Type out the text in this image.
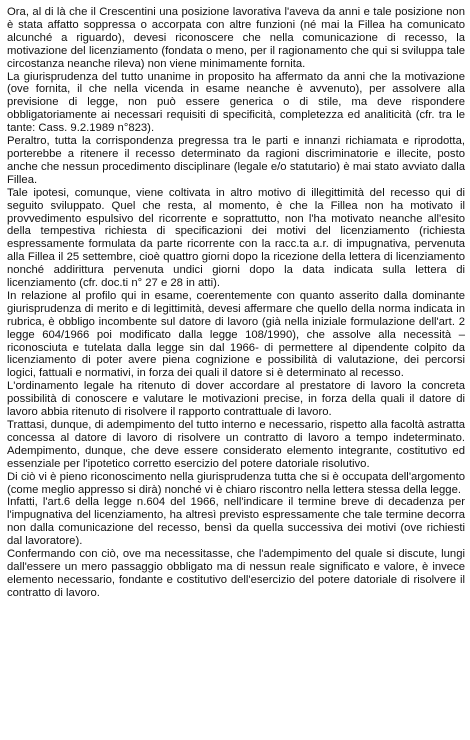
Ora, al di là che il Crescentini una posizione lavorativa l'aveva da anni e tale posizione non è stata affatto soppressa o accorpata con altre funzioni (né mai la Fillea ha comunicato alcunché a riguardo), devesi riconoscere che nella comunicazione di recesso, la motivazione del licenziamento (fondata o meno, per il ragionamento che qui si sviluppa tale circostanza neanche rileva) non viene minimamente fornita.

La giurisprudenza del tutto unanime in proposito ha affermato da anni che la motivazione (ove fornita, il che nella vicenda in esame neanche è avvenuto), per assolvere alla previsione di legge, non può essere generica o di stile, ma deve rispondere obbligatoriamente ai necessari requisiti di specificità, completezza ed analiticità (cfr. tra le tante: Cass. 9.2.1989 n°823).

Peraltro, tutta la corrispondenza pregressa tra le parti e innanzi richiamata e riprodotta, porterebbe a ritenere il recesso determinato da ragioni discriminatorie e illecite, posto anche che nessun procedimento disciplinare (legale e/o statutario) è mai stato avviato dalla Fillea.

Tale ipotesi, comunque, viene coltivata in altro motivo di illegittimità del recesso qui di seguito sviluppato. Quel che resta, al momento, è che la Fillea non ha motivato il provvedimento espulsivo del ricorrente e soprattutto, non l'ha motivato neanche all'esito della tempestiva richiesta di specificazioni dei motivi del licenziamento (richiesta espressamente formulata da parte ricorrente con la racc.ta a.r. di impugnativa, pervenuta alla Fillea il 25 settembre, cioè quattro giorni dopo la ricezione della lettera di licenziamento nonché addirittura pervenuta undici giorni dopo la data indicata sulla lettera di licenziamento (cfr. doc.ti n° 27 e 28 in atti).

In relazione al profilo qui in esame, coerentemente con quanto asserito dalla dominante giurisprudenza di merito e di legittimità, devesi affermare che quello della norma indicata in rubrica, è obbligo incombente sul datore di lavoro (già nella iniziale formulazione dell'art. 2 legge 604/1966 poi modificato dalla legge 108/1990), che assolve alla necessità –riconosciuta e tutelata dalla legge sin dal 1966- di permettere al dipendente colpito da licenziamento di poter avere piena cognizione e possibilità di valutazione, dei percorsi logici, fattuali e normativi, in forza dei quali il datore si è determinato al recesso.

L'ordinamento legale ha ritenuto di dover accordare al prestatore di lavoro la concreta possibilità di conoscere e valutare le motivazioni precise, in forza della quali il datore di lavoro abbia ritenuto di risolvere il rapporto contrattuale di lavoro.

Trattasi, dunque, di adempimento del tutto interno e necessario, rispetto alla facoltà astratta concessa al datore di lavoro di risolvere un contratto di lavoro a tempo indeterminato. Adempimento, dunque, che deve essere considerato elemento integrante, costitutivo ed essenziale per l'ipotetico corretto esercizio del potere datoriale risolutivo.

Di ciò vi è pieno riconoscimento nella giurisprudenza tutta che si è occupata dell'argomento (come meglio appresso si dirà) nonché vi è chiaro riscontro nella lettera stessa della legge.

Infatti, l'art.6 della legge n.604 del 1966, nell'indicare il termine breve di decadenza per l'impugnativa del licenziamento, ha altresì previsto espressamente che tale termine decorra non dalla comunicazione del recesso, bensì da quella successiva dei motivi (ove richiesti dal lavoratore).

Confermando con ciò, ove ma necessitasse, che l'adempimento del quale si discute, lungi dall'essere un mero passaggio obbligato ma di nessun reale significato e valore, è invece elemento necessario, fondante e costitutivo dell'esercizio del potere datoriale di risolvere il contratto di lavoro.
